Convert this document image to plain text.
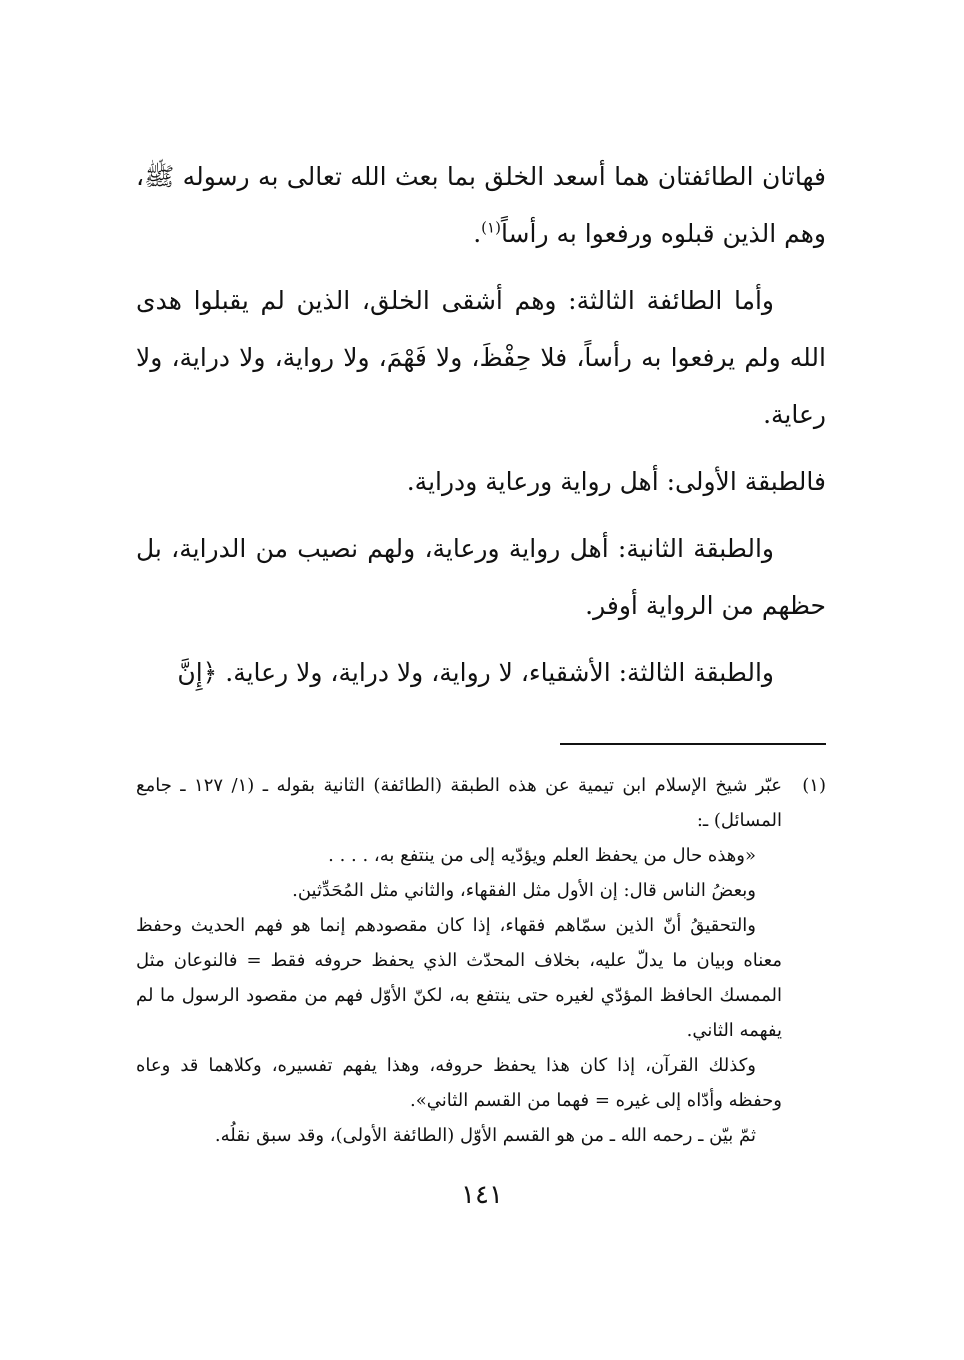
فهاتان الطائفتان هما أسعد الخلق بما بعث الله تعالى به رسوله ﷺ، وهم الذين قبلوه ورفعوا به رأساً$^{(١)}$.

وأما الطائفة الثالثة: وهم أشقى الخلق، الذين لم يقبلوا هدى الله ولم يرفعوا به رأساً، فلا حِفْظَ، ولا فَهْمَ، ولا رواية، ولا دراية، ولا رعاية.

فالطبقة الأولى: أهل رواية ورعاية ودراية.

والطبقة الثانية: أهل رواية ورعاية، ولهم نصيب من الدراية، بل حظهم من الرواية أوفر.

والطبقة الثالثة: الأشقياء، لا رواية، ولا دراية، ولا رعاية. ﴿إِنَّ

(١)

عبّر شيخ الإسلام ابن تيمية عن هذه الطبقة (الطائفة) الثانية بقوله ـ (١/ ١٢٧ ـ جامع المسائل) ـ:

«وهذه حال من يحفظ العلم ويؤدّيه إلى من ينتفع به، . . . .

وبعضُ الناس قال: إن الأول مثل الفقهاء، والثاني مثل المُحَدِّثين.

والتحقيقُ أنّ الذين سمّاهم فقهاء، إذا كان مقصودهم إنما هو فهم الحديث وحفظ معناه وبيان ما يدلّ عليه، بخلاف المحدّث الذي يحفظ حروفه فقط = فالنوعان مثل الممسك الحافظ المؤدّي لغيره حتى ينتفع به، لكنّ الأوّل فهم من مقصود الرسول ما لم يفهمه الثاني.

وكذلك القرآن، إذا كان هذا يحفظ حروفه، وهذا يفهم تفسيره، وكلاهما قد وعاه وحفظه وأدّاه إلى غيره = فهما من القسم الثاني».

ثمّ بيّن ـ رحمه الله ـ من هو القسم الأوّل (الطائفة الأولى)، وقد سبق نقلُه.

١٤١
